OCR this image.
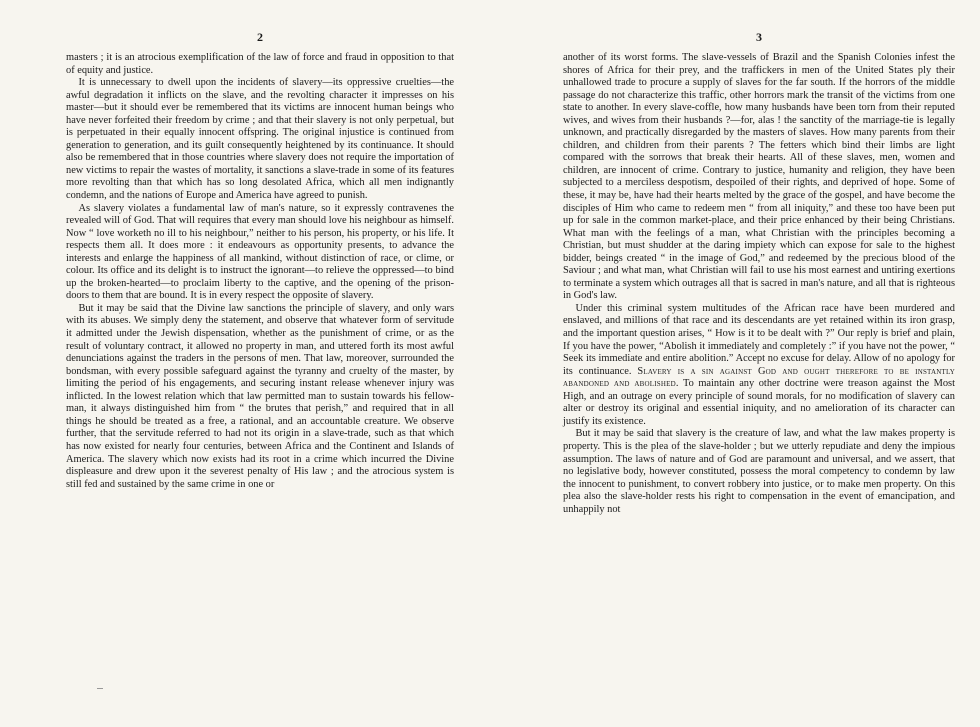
2

masters ; it is an atrocious exemplification of the law of force and fraud in opposition to that of equity and justice.

It is unnecessary to dwell upon the incidents of slavery—its oppressive cruelties—the awful degradation it inflicts on the slave, and the revolting character it impresses on his master—but it should ever be remembered that its victims are innocent human beings who have never forfeited their freedom by crime ; and that their slavery is not only perpetual, but is perpetuated in their equally innocent offspring. The original injustice is continued from generation to generation, and its guilt consequently heightened by its continuance. It should also be remembered that in those countries where slavery does not require the importation of new victims to repair the wastes of mortality, it sanctions a slave-trade in some of its features more revolting than that which has so long desolated Africa, which all men indignantly condemn, and the nations of Europe and America have agreed to punish.

As slavery violates a fundamental law of man's nature, so it expressly contravenes the revealed will of God. That will requires that every man should love his neighbour as himself. Now “ love worketh no ill to his neighbour,” neither to his person, his property, or his life. It respects them all. It does more : it endeavours as opportunity presents, to advance the interests and enlarge the happiness of all mankind, without distinction of race, or clime, or colour. Its office and its delight is to instruct the ignorant—to relieve the oppressed—to bind up the broken-hearted—to proclaim liberty to the captive, and the opening of the prison-doors to them that are bound. It is in every respect the opposite of slavery.

But it may be said that the Divine law sanctions the principle of slavery, and only wars with its abuses. We simply deny the statement, and observe that whatever form of servitude it admitted under the Jewish dispensation, whether as the punishment of crime, or as the result of voluntary contract, it allowed no property in man, and uttered forth its most awful denunciations against the traders in the persons of men. That law, moreover, surrounded the bondsman, with every possible safeguard against the tyranny and cruelty of the master, by limiting the period of his engagements, and securing instant release whenever injury was inflicted. In the lowest relation which that law permitted man to sustain towards his fellow-man, it always distinguished him from “ the brutes that perish,” and required that in all things he should be treated as a free, a rational, and an accountable creature. We observe further, that the servitude referred to had not its origin in a slave-trade, such as that which has now existed for nearly four centuries, between Africa and the Continent and Islands of America. The slavery which now exists had its root in a crime which incurred the Divine displeasure and drew upon it the severest penalty of His law ; and the atrocious system is still fed and sustained by the same crime in one or

3

another of its worst forms. The slave-vessels of Brazil and the Spanish Colonies infest the shores of Africa for their prey, and the traffickers in men of the United States ply their unhallowed trade to procure a supply of slaves for the far south. If the horrors of the middle passage do not characterize this traffic, other horrors mark the transit of the victims from one state to another. In every slave-coffle, how many husbands have been torn from their reputed wives, and wives from their husbands ?—for, alas ! the sanctity of the marriage-tie is legally unknown, and practically disregarded by the masters of slaves. How many parents from their children, and children from their parents ? The fetters which bind their limbs are light compared with the sorrows that break their hearts. All of these slaves, men, women and children, are innocent of crime. Contrary to justice, humanity and religion, they have been subjected to a merciless despotism, despoiled of their rights, and deprived of hope. Some of these, it may be, have had their hearts melted by the grace of the gospel, and have become the disciples of Him who came to redeem men “ from all iniquity,” and these too have been put up for sale in the common market-place, and their price enhanced by their being Christians. What man with the feelings of a man, what Christian with the principles becoming a Christian, but must shudder at the daring impiety which can expose for sale to the highest bidder, beings created “ in the image of God,” and redeemed by the precious blood of the Saviour ; and what man, what Christian will fail to use his most earnest and untiring exertions to terminate a system which outrages all that is sacred in man's nature, and all that is righteous in God's law.

Under this criminal system multitudes of the African race have been murdered and enslaved, and millions of that race and its descendants are yet retained within its iron grasp, and the important question arises, “ How is it to be dealt with ?” Our reply is brief and plain, If you have the power, “Abolish it immediately and completely :” if you have not the power, “ Seek its immediate and entire abolition.” Accept no excuse for delay. Allow of no apology for its continuance. Slavery is a sin against God and ought therefore to be instantly abandoned and abolished. To maintain any other doctrine were treason against the Most High, and an outrage on every principle of sound morals, for no modification of slavery can alter or destroy its original and essential iniquity, and no amelioration of its character can justify its existence.

But it may be said that slavery is the creature of law, and what the law makes property is property. This is the plea of the slave-holder ; but we utterly repudiate and deny the impious assumption. The laws of nature and of God are paramount and universal, and we assert, that no legislative body, however constituted, possess the moral competency to condemn by law the innocent to punishment, to convert robbery into justice, or to make men property. On this plea also the slave-holder rests his right to compensation in the event of emancipation, and unhappily not
